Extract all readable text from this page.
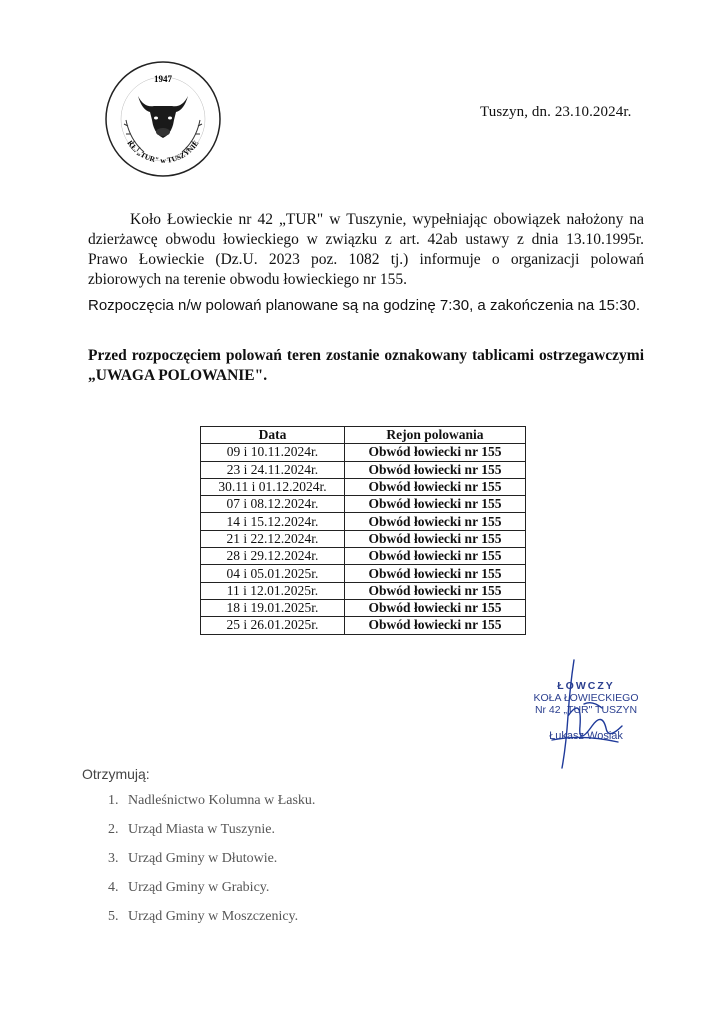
1947
KŁ. „TUR" w TUSZYNIE
Tuszyn, dn. 23.10.2024r.
Koło Łowieckie nr 42 „TUR" w Tuszynie, wypełniając obowiązek nałożony na dzierżawcę obwodu łowieckiego w związku z art. 42ab ustawy z dnia 13.10.1995r. Prawo Łowieckie (Dz.U. 2023 poz. 1082 tj.) informuje o organizacji polowań zbiorowych na terenie obwodu łowieckiego nr 155.
Rozpoczęcia n/w polowań planowane są na godzinę 7:30, a zakończenia na 15:30.
Przed rozpoczęciem polowań teren zostanie oznakowany tablicami ostrzegawczymi „UWAGA POLOWANIE".
Data	Rejon polowania
09 i 10.11.2024r.	Obwód łowiecki nr 155
23 i 24.11.2024r.	Obwód łowiecki nr 155
30.11 i 01.12.2024r.	Obwód łowiecki nr 155
07 i 08.12.2024r.	Obwód łowiecki nr 155
14 i 15.12.2024r.	Obwód łowiecki nr 155
21 i 22.12.2024r.	Obwód łowiecki nr 155
28 i 29.12.2024r.	Obwód łowiecki nr 155
04 i 05.01.2025r.	Obwód łowiecki nr 155
11 i 12.01.2025r.	Obwód łowiecki nr 155
18 i 19.01.2025r.	Obwód łowiecki nr 155
25 i 26.01.2025r.	Obwód łowiecki nr 155
ŁOWCZY
KOŁA ŁOWIECKIEGO
Nr 42 „TUR" TUSZYN
Łukasz Wosiak
Otrzymują:
1. Nadleśnictwo Kolumna w Łasku.
2. Urząd Miasta w Tuszynie.
3. Urząd Gminy w Dłutowie.
4. Urząd Gminy w Grabicy.
5. Urząd Gminy w Moszczenicy.
